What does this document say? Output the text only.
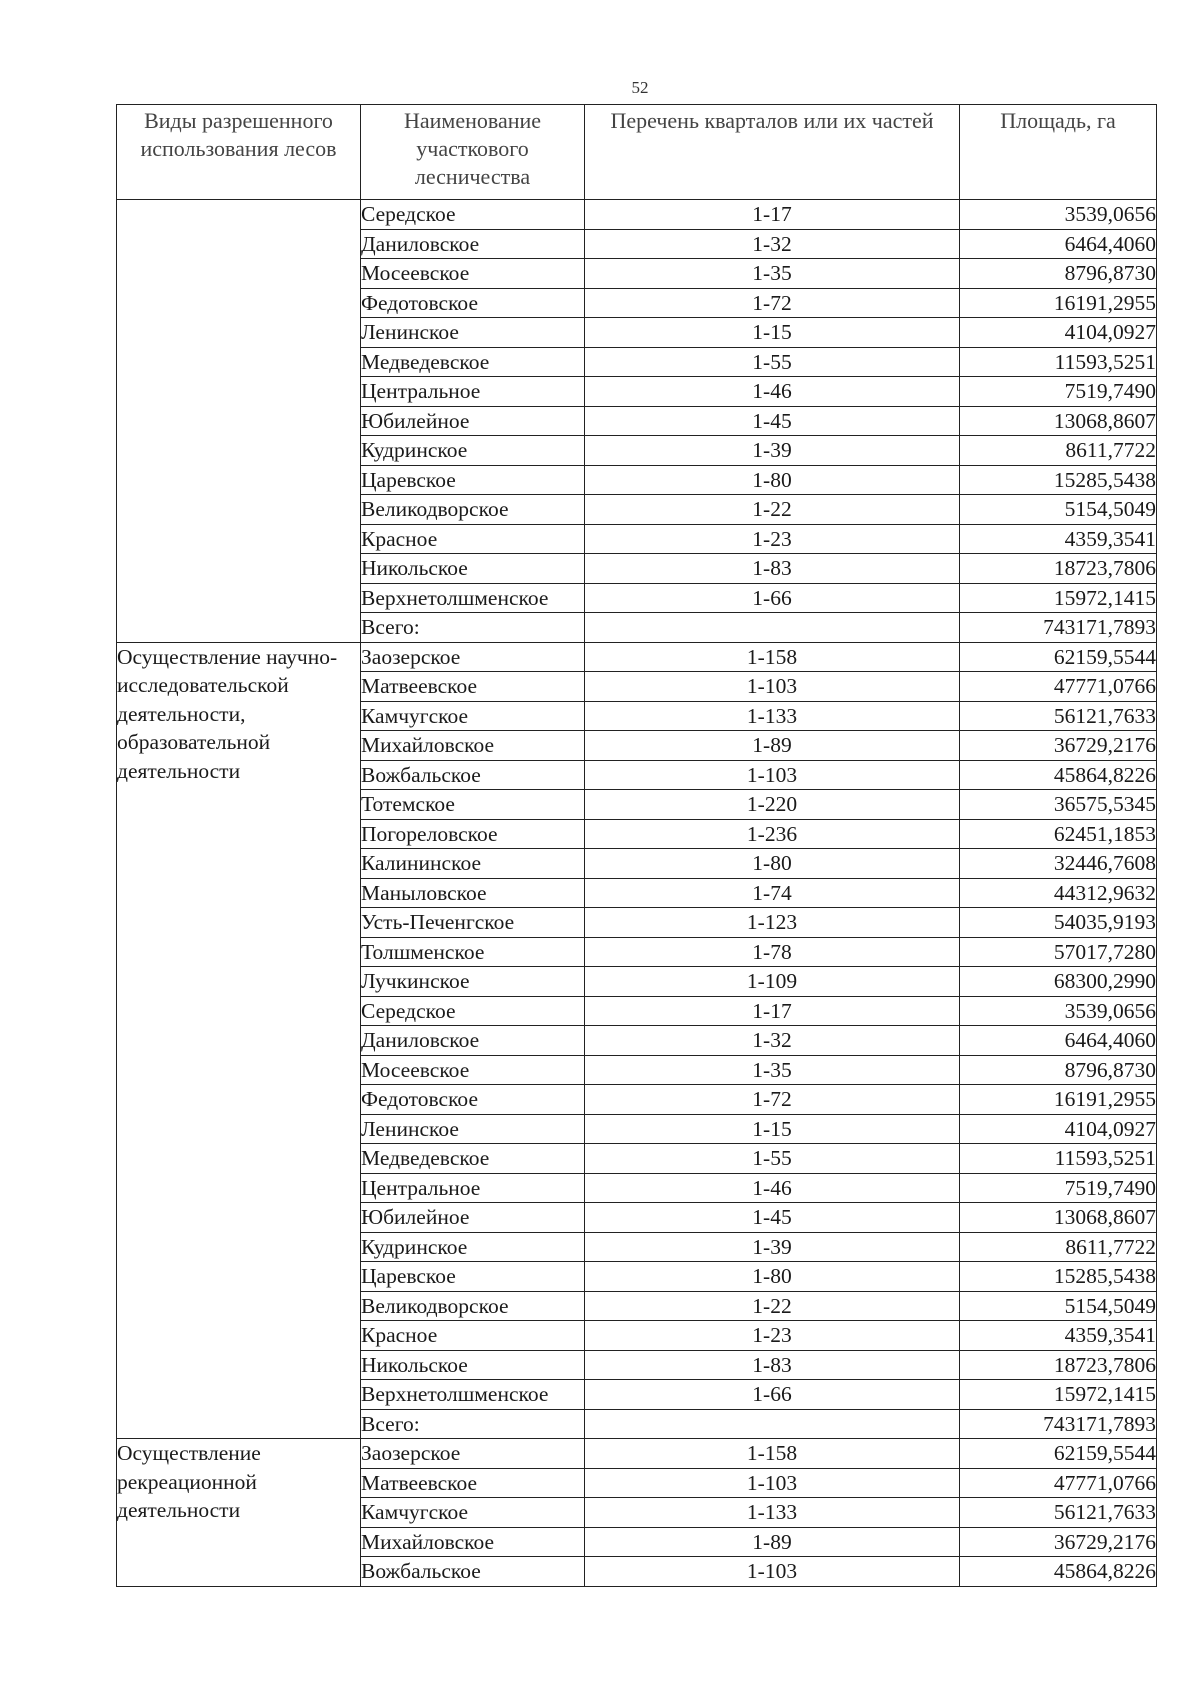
52
Виды разрешенного использования лесов	Наименование участкового лесничества	Перечень кварталов или их частей	Площадь, га
	Середское	1-17	3539,0656
	Даниловское	1-32	6464,4060
	Мосеевское	1-35	8796,8730
	Федотовское	1-72	16191,2955
	Ленинское	1-15	4104,0927
	Медведевское	1-55	11593,5251
	Центральное	1-46	7519,7490
	Юбилейное	1-45	13068,8607
	Кудринское	1-39	8611,7722
	Царевское	1-80	15285,5438
	Великодворское	1-22	5154,5049
	Красное	1-23	4359,3541
	Никольское	1-83	18723,7806
	Верхнетолшменское	1-66	15972,1415
	Всего:		743171,7893
Осуществление научно-исследовательской деятельности, образовательной деятельности	Заозерское	1-158	62159,5544
	Матвеевское	1-103	47771,0766
	Камчугское	1-133	56121,7633
	Михайловское	1-89	36729,2176
	Вожбальское	1-103	45864,8226
	Тотемское	1-220	36575,5345
	Погореловское	1-236	62451,1853
	Калининское	1-80	32446,7608
	Маныловское	1-74	44312,9632
	Усть-Печенгское	1-123	54035,9193
	Толшменское	1-78	57017,7280
	Лучкинское	1-109	68300,2990
	Середское	1-17	3539,0656
	Даниловское	1-32	6464,4060
	Мосеевское	1-35	8796,8730
	Федотовское	1-72	16191,2955
	Ленинское	1-15	4104,0927
	Медведевское	1-55	11593,5251
	Центральное	1-46	7519,7490
	Юбилейное	1-45	13068,8607
	Кудринское	1-39	8611,7722
	Царевское	1-80	15285,5438
	Великодворское	1-22	5154,5049
	Красное	1-23	4359,3541
	Никольское	1-83	18723,7806
	Верхнетолшменское	1-66	15972,1415
	Всего:		743171,7893
Осуществление рекреационной деятельности	Заозерское	1-158	62159,5544
	Матвеевское	1-103	47771,0766
	Камчугское	1-133	56121,7633
	Михайловское	1-89	36729,2176
	Вожбальское	1-103	45864,8226
